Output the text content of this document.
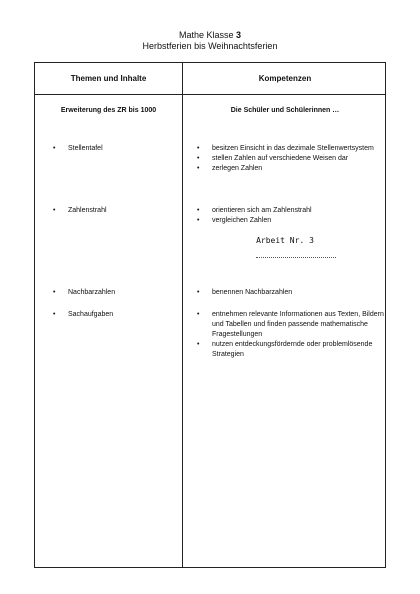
Mathe Klasse 3
Herbstferien bis Weihnachtsferien
Themen und Inhalte	Kompetenzen
Erweiterung des ZR bis 1000	Die Schüler und Schülerinnen …
• Stellentafel
• Zahlenstrahl
• Nachbarzahlen
• Sachaufgaben
• besitzen Einsicht in das dezimale Stellenwertsystem
• stellen Zahlen auf verschiedene Weisen dar
• zerlegen Zahlen
• orientieren sich am Zahlenstrahl
• vergleichen Zahlen
Arbeit Nr. 3
• benennen Nachbarzahlen
• entnehmen relevante Informationen aus Texten, Bildern und Tabellen und finden passende mathematische Fragestellungen
• nutzen entdeckungsfördernde oder problemlösende Strategien
